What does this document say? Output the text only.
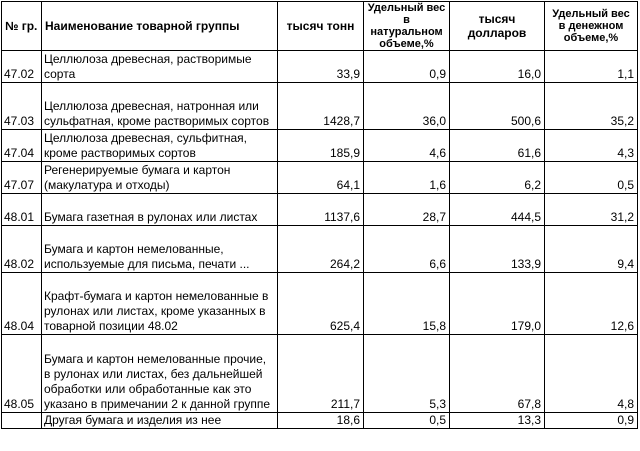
№ гр.	Наименование товарной группы	тысяч тонн	Удельный вес в натуральном объеме,%	тысяч долларов	Удельный вес в денежном объеме,%
47.02	Целлюлоза древесная, растворимые сорта	33,9	0,9	16,0	1,1
47.03	Целлюлоза древесная, натронная или сульфатная, кроме растворимых сортов	1428,7	36,0	500,6	35,2
47.04	Целлюлоза древесная, сульфитная, кроме растворимых сортов	185,9	4,6	61,6	4,3
47.07	Регенерируемые бумага и картон (макулатура и отходы)	64,1	1,6	6,2	0,5
48.01	Бумага газетная в рулонах или листах	1137,6	28,7	444,5	31,2
48.02	Бумага и картон немелованные, используемые для письма, печати ...	264,2	6,6	133,9	9,4
48.04	Крафт-бумага и картон немелованные в рулонах или листах, кроме указанных в товарной позиции 48.02	625,4	15,8	179,0	12,6
48.05	Бумага и картон немелованные прочие, в рулонах или листах, без дальнейшей обработки или обработанные как это указано в примечании 2 к данной группе	211,7	5,3	67,8	4,8
	Другая бумага и изделия из нее	18,6	0,5	13,3	0,9
